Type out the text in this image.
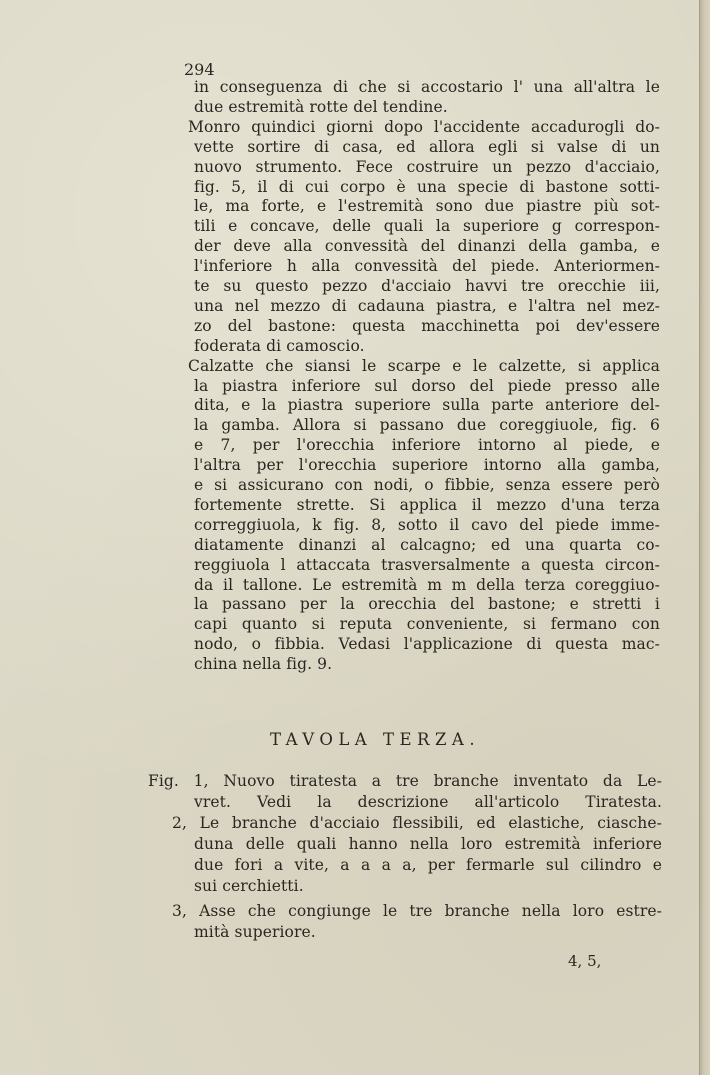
294
in conseguenza di che si accostario l' una all'altra le
due estremità rotte del tendine.
Monro quindici giorni dopo l'accidente accadurogli do-
vette sortire di casa, ed allora egli si valse di un
nuovo strumento. Fece costruire un pezzo d'acciaio,
fig. 5, il di cui corpo è una specie di bastone sotti-
le, ma forte, e l'estremità sono due piastre più sot-
tili e concave, delle quali la superiore g correspon-
der deve alla convessità del dinanzi della gamba, e
l'inferiore h alla convessità del piede. Anteriormen-
te su questo pezzo d'acciaio havvi tre orecchie iii,
una nel mezzo di cadauna piastra, e l'altra nel mez-
zo del bastone: questa macchinetta poi dev'essere
foderata di camoscio.
Calzatte che siansi le scarpe e le calzette, si applica
la piastra inferiore sul dorso del piede presso alle
dita, e la piastra superiore sulla parte anteriore del-
la gamba. Allora si passano due coreggiuole, fig. 6
e 7, per l'orecchia inferiore intorno al piede, e
l'altra per l'orecchia superiore intorno alla gamba,
e si assicurano con nodi, o fibbie, senza essere però
fortemente strette. Si applica il mezzo d'una terza
correggiuola, k fig. 8, sotto il cavo del piede imme-
diatamente dinanzi al calcagno; ed una quarta co-
reggiuola l attaccata trasversalmente a questa circon-
da il tallone. Le estremità m m della terza coreggiuo-
la passano per la orecchia del bastone; e stretti i
capi quanto si reputa conveniente, si fermano con
nodo, o fibbia. Vedasi l'applicazione di questa mac-
china nella fig. 9.
TAVOLA TERZA.
Fig. 1, Nuovo tiratesta a tre branche inventato da Le-
vret. Vedi la descrizione all'articolo Tiratesta.
2, Le branche d'acciaio flessibili, ed elastiche, ciasche-
duna delle quali hanno nella loro estremità inferiore
due fori a vite, a a a a, per fermarle sul cilindro e
sui cerchietti.
3, Asse che congiunge le tre branche nella loro estre-
mità superiore.
4, 5,
